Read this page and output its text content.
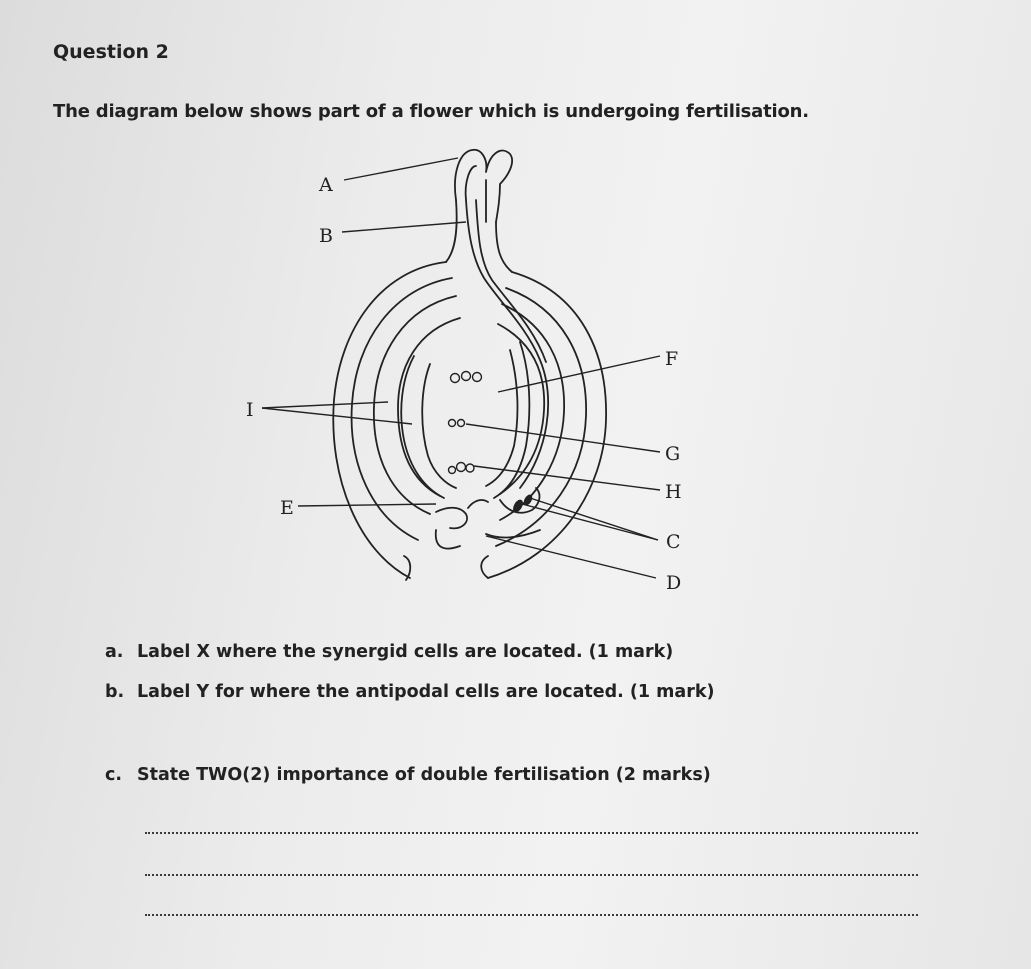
Question 2
The diagram below shows part of a flower which is undergoing fertilisation.
A
B
F
I
G
H
E
C
D
a. Label X where the synergid cells are located. (1 mark)
b. Label Y for where the antipodal cells are located. (1 mark)
c. State TWO(2) importance of double fertilisation (2 marks)
